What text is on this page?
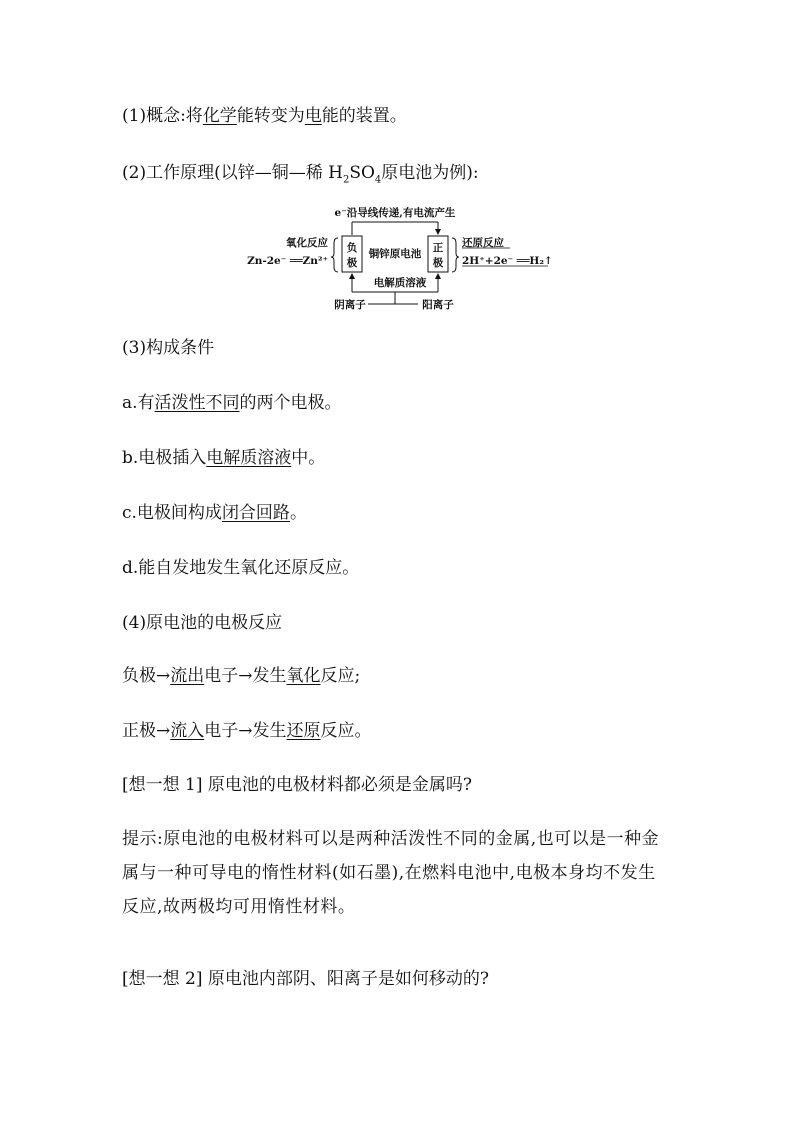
(1)概念:将化学能转变为电能的装置。
(2)工作原理(以锌—铜—稀 $H_2SO_4$原电池为例):
e⁻沿导线传递,有电流产生
负
极
正
极
铜锌原电池
氧化反应
Zn-2e⁻ ══Zn²⁺
还原反应
2H⁺+2e⁻ ══H₂↑
电解质溶液
阴离子	阳离子
(3)构成条件
a.有活泼性不同的两个电极。
b.电极插入电解质溶液中。
c.电极间构成闭合回路。
d.能自发地发生氧化还原反应。
(4)原电池的电极反应
负极→流出电子→发生氧化反应;
正极→流入电子→发生还原反应。
[想一想 1] 原电池的电极材料都必须是金属吗?
提示:原电池的电极材料可以是两种活泼性不同的金属,也可以是一种金属与一种可导电的惰性材料(如石墨),在燃料电池中,电极本身均不发生反应,故两极均可用惰性材料。
[想一想 2] 原电池内部阴、阳离子是如何移动的?
